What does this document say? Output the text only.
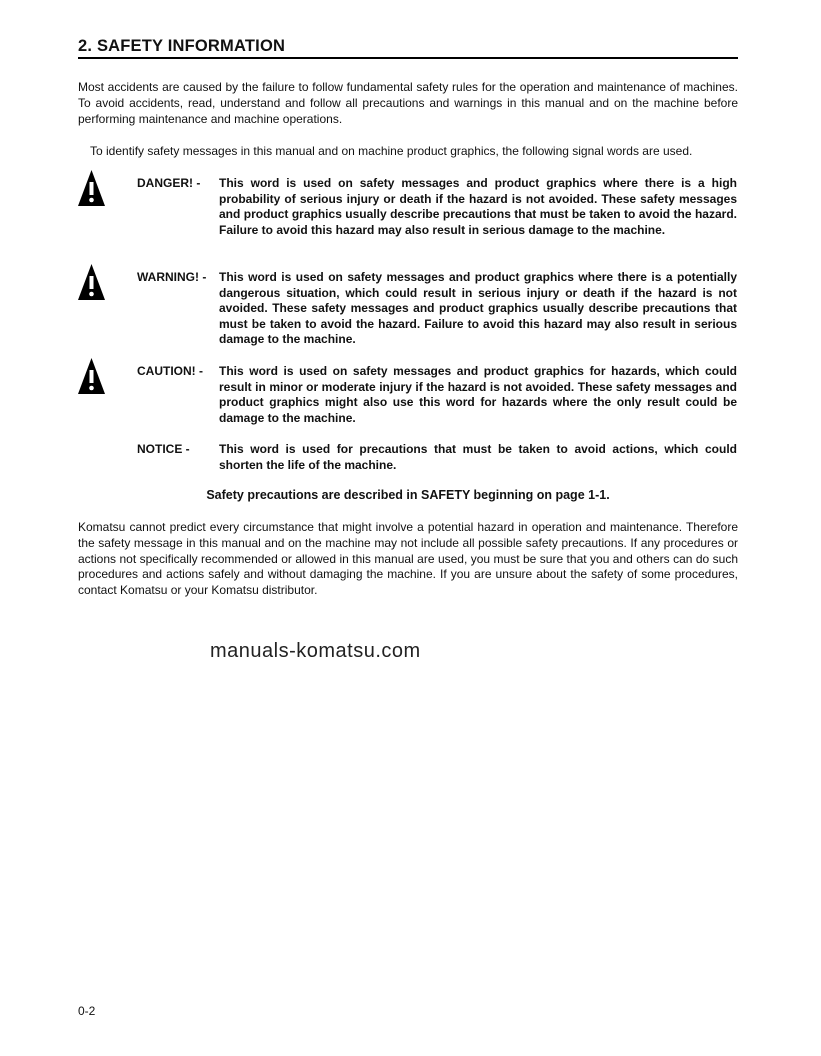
2. SAFETY INFORMATION
Most accidents are caused by the failure to follow fundamental safety rules for the operation and maintenance of machines. To avoid accidents, read, understand and follow all precautions and warnings in this manual and on the machine before performing maintenance and machine operations.
To identify safety messages in this manual and on machine product graphics, the following signal words are used.
DANGER! - This word is used on safety messages and product graphics where there is a high probability of serious injury or death if the hazard is not avoided. These safety messages and product graphics usually describe precautions that must be taken to avoid the hazard. Failure to avoid this hazard may also result in serious damage to the machine.
WARNING! - This word is used on safety messages and product graphics where there is a potentially dangerous situation, which could result in serious injury or death if the hazard is not avoided. These safety messages and product graphics usually describe precautions that must be taken to avoid the hazard. Failure to avoid this hazard may also result in serious damage to the machine.
CAUTION! - This word is used on safety messages and product graphics for hazards, which could result in minor or moderate injury if the hazard is not avoided. These safety messages and product graphics might also use this word for hazards where the only result could be damage to the machine.
NOTICE - This word is used for precautions that must be taken to avoid actions, which could shorten the life of the machine.
Safety precautions are described in SAFETY beginning on page 1-1.
Komatsu cannot predict every circumstance that might involve a potential hazard in operation and maintenance. Therefore the safety message in this manual and on the machine may not include all possible safety precautions. If any procedures or actions not specifically recommended or allowed in this manual are used, you must be sure that you and others can do such procedures and actions safely and without damaging the machine. If you are unsure about the safety of some procedures, contact Komatsu or your Komatsu distributor.
manuals-komatsu.com
0-2
